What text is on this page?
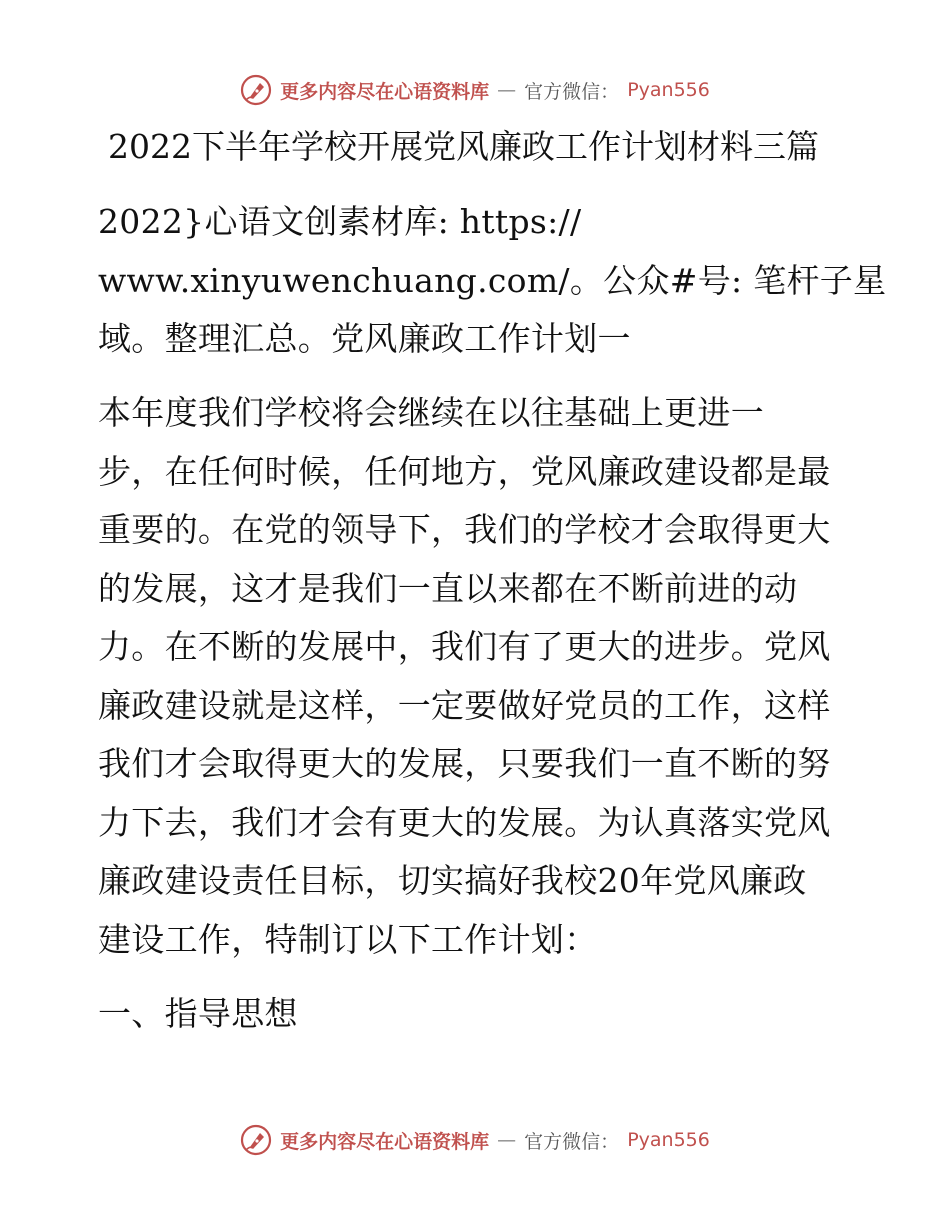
更多内容尽在心语资料库 — 官方微信： Pyan556
2022下半年学校开展党风廉政工作计划材料三篇
2022}心语文创素材库: https://
www.xinyuwenchuang.com/。公众#号: 笔杆子星
域。整理汇总。党风廉政工作计划一
本年度我们学校将会继续在以往基础上更进一
步，在任何时候，任何地方，党风廉政建设都是最
重要的。在党的领导下，我们的学校才会取得更大
的发展，这才是我们一直以来都在不断前进的动
力。在不断的发展中，我们有了更大的进步。党风
廉政建设就是这样，一定要做好党员的工作，这样
我们才会取得更大的发展，只要我们一直不断的努
力下去，我们才会有更大的发展。为认真落实党风
廉政建设责任目标，切实搞好我校20年党风廉政
建设工作，特制订以下工作计划：
一、指导思想
更多内容尽在心语资料库 — 官方微信： Pyan556
